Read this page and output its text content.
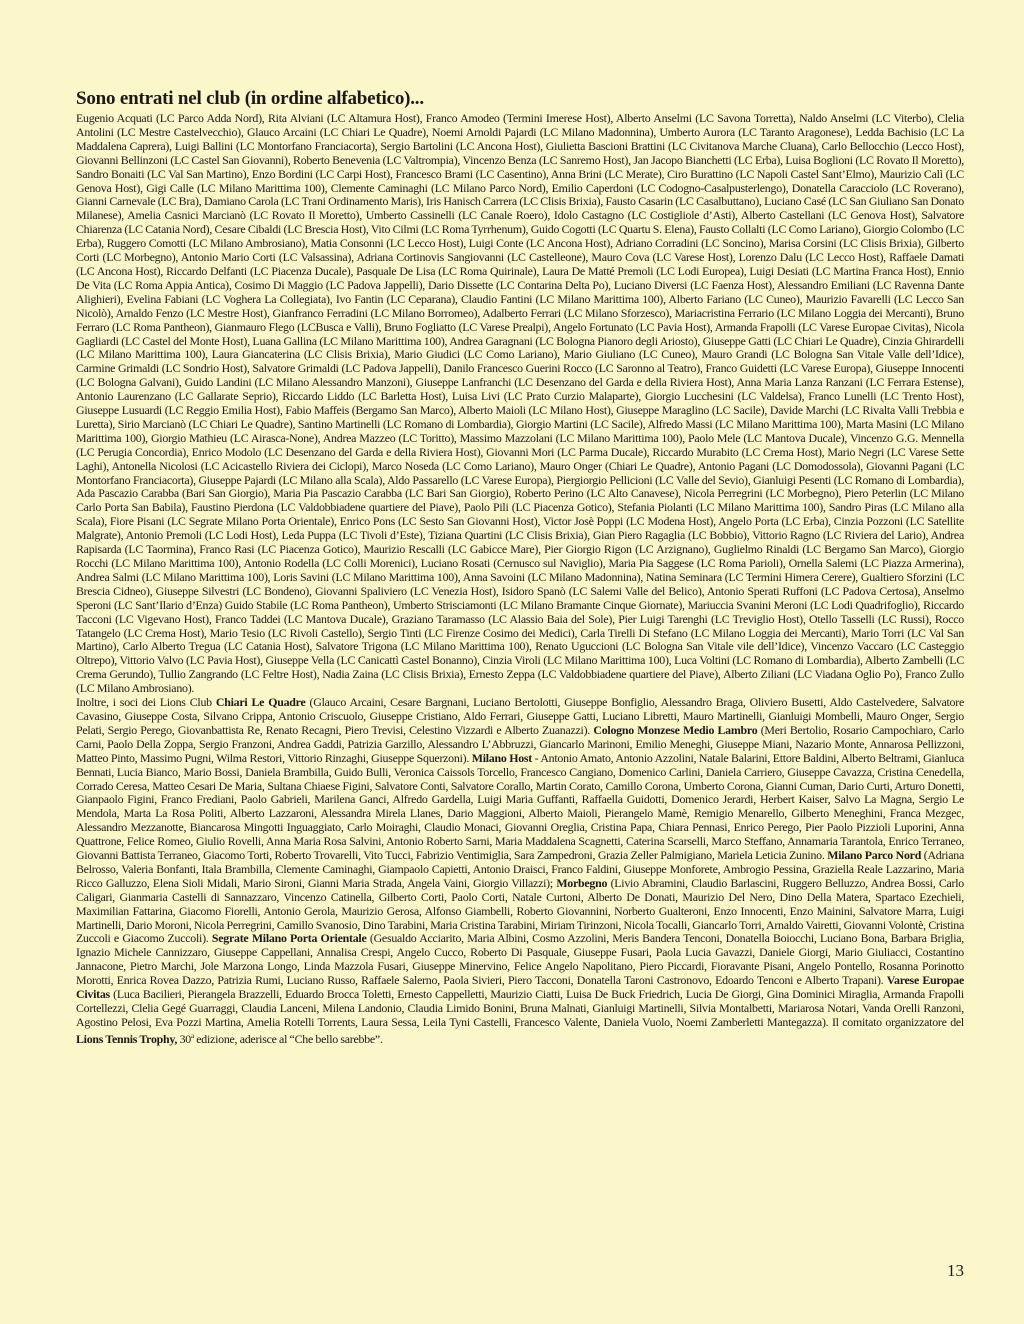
Sono entrati nel club (in ordine alfabetico)...

Eugenio Acquati (LC Parco Adda Nord), Rita Alviani (LC Altamura Host), Franco Amodeo (Termini Imerese Host), Alberto Anselmi (LC Savona Torretta), Naldo Anselmi (LC Viterbo), Clelia Antolini (LC Mestre Castelvecchio), Glauco Arcaini (LC Chiari Le Quadre), Noemi Arnoldi Pajardi (LC Milano Madonnina), Umberto Aurora (LC Taranto Aragonese), Ledda Bachisio (LC La Maddalena Caprera), Luigi Ballini (LC Montorfano Franciacorta), Sergio Bartolini (LC Ancona Host), Giulietta Bascioni Brattini (LC Civitanova Marche Cluana), Carlo Bellocchio (Lecco Host), Giovanni Bellinzoni (LC Castel San Giovanni), Roberto Benevenia (LC Valtrompia), Vincenzo Benza (LC Sanremo Host), Jan Jacopo Bianchetti (LC Erba), Luisa Boglioni (LC Rovato Il Moretto), Sandro Bonaiti (LC Val San Martino), Enzo Bordini (LC Carpi Host), Francesco Brami (LC Casentino), Anna Brini (LC Merate), Ciro Burattino (LC Napoli Castel Sant’Elmo), Maurizio Calì (LC Genova Host), Gigi Calle (LC Milano Marittima 100), Clemente Caminaghi (LC Milano Parco Nord), Emilio Caperdoni (LC Codogno-Casalpusterlengo), Donatella Caracciolo (LC Roverano), Gianni Carnevale (LC Bra), Damiano Carola (LC Trani Ordinamento Maris), Iris Hanisch Carrera (LC Clisis Brixia), Fausto Casarin (LC Casalbuttano), Luciano Casé (LC San Giuliano San Donato Milanese), Amelia Casnici Marcianò (LC Rovato Il Moretto), Umberto Cassinelli (LC Canale Roero), Idolo Castagno (LC Costigliole d’Asti), Alberto Castellani (LC Genova Host), Salvatore Chiarenza (LC Catania Nord), Cesare Cibaldi (LC Brescia Host), Vito Cilmi (LC Roma Tyrrhenum), Guido Cogotti (LC Quartu S. Elena), Fausto Collalti (LC Como Lariano), Giorgio Colombo (LC Erba), Ruggero Comotti (LC Milano Ambrosiano), Matia Consonni (LC Lecco Host), Luigi Conte (LC Ancona Host), Adriano Corradini (LC Soncino), Marisa Corsini (LC Clisis Brixia), Gilberto Corti (LC Morbegno), Antonio Mario Corti (LC Valsassina), Adriana Cortinovis Sangiovanni (LC Castelleone), Mauro Cova (LC Varese Host), Lorenzo Dalu (LC Lecco Host), Raffaele Damati (LC Ancona Host), Riccardo Delfanti (LC Piacenza Ducale), Pasquale De Lisa (LC Roma Quirinale), Laura De Matté Premoli (LC Lodi Europea), Luigi Desiati (LC Martina Franca Host), Ennio De Vita (LC Roma Appia Antica), Cosimo Di Maggio (LC Padova Jappelli), Dario Dissette (LC Contarina Delta Po), Luciano Diversi (LC Faenza Host), Alessandro Emiliani (LC Ravenna Dante Alighieri), Evelina Fabiani (LC Voghera La Collegiata), Ivo Fantin (LC Ceparana), Claudio Fantini (LC Milano Marittima 100), Alberto Fariano (LC Cuneo), Maurizio Favarelli (LC Lecco San Nicolò), Arnaldo Fenzo (LC Mestre Host), Gianfranco Ferradini (LC Milano Borromeo), Adalberto Ferrari (LC Milano Sforzesco), Mariacristina Ferrario (LC Milano Loggia dei Mercanti), Bruno Ferraro (LC Roma Pantheon), Gianmauro Flego (LCBusca e Valli), Bruno Fogliatto (LC Varese Prealpi), Angelo Fortunato (LC Pavia Host), Armanda Frapolli (LC Varese Europae Civitas), Nicola Gagliardi (LC Castel del Monte Host), Luana Gallina (LC Milano Marittima 100), Andrea Garagnani (LC Bologna Pianoro degli Ariosto), Giuseppe Gatti (LC Chiari Le Quadre), Cinzia Ghirardelli (LC Milano Marittima 100), Laura Giancaterina (LC Clisis Brixia), Mario Giudici (LC Como Lariano), Mario Giuliano (LC Cuneo), Mauro Grandi (LC Bologna San Vitale Valle dell’Idice), Carmine Grimaldi (LC Sondrio Host), Salvatore Grimaldi (LC Padova Jappelli), Danilo Francesco Guerini Rocco (LC Saronno al Teatro), Franco Guidetti (LC Varese Europa), Giuseppe Innocenti (LC Bologna Galvani), Guido Landini (LC Milano Alessandro Manzoni), Giuseppe Lanfranchi (LC Desenzano del Garda e della Riviera Host), Anna Maria Lanza Ranzani (LC Ferrara Estense), Antonio Laurenzano (LC Gallarate Seprio), Riccardo Liddo (LC Barletta Host), Luisa Livi (LC Prato Curzio Malaparte), Giorgio Lucchesini (LC Valdelsa), Franco Lunelli (LC Trento Host), Giuseppe Lusuardi (LC Reggio Emilia Host), Fabio Maffeis (Bergamo San Marco), Alberto Maioli (LC Milano Host), Giuseppe Maraglino (LC Sacile), Davide Marchi (LC Rivalta Valli Trebbia e Luretta), Sirio Marcianò (LC Chiari Le Quadre), Santino Martinelli (LC Romano di Lombardia), Giorgio Martini (LC Sacile), Alfredo Massi (LC Milano Marittima 100), Marta Masini (LC Milano Marittima 100), Giorgio Mathieu (LC Airasca-None), Andrea Mazzeo (LC Toritto), Massimo Mazzolani (LC Milano Marittima 100), Paolo Mele (LC Mantova Ducale), Vincenzo G.G. Mennella (LC Perugia Concordia), Enrico Modolo (LC Desenzano del Garda e della Riviera Host), Giovanni Mori (LC Parma Ducale), Riccardo Murabito (LC Crema Host), Mario Negri (LC Varese Sette Laghi), Antonella Nicolosi (LC Acicastello Riviera dei Ciclopi), Marco Noseda (LC Como Lariano), Mauro Onger (Chiari Le Quadre), Antonio Pagani (LC Domodossola), Giovanni Pagani (LC Montorfano Franciacorta), Giuseppe Pajardi (LC Milano alla Scala), Aldo Passarello (LC Varese Europa), Piergiorgio Pellicioni (LC Valle del Sevio), Gianluigi Pesenti (LC Romano di Lombardia), Ada Pascazio Carabba (Bari San Giorgio), Maria Pia Pascazio Carabba (LC Bari San Giorgio), Roberto Perino (LC Alto Canavese), Nicola Perregrini (LC Morbegno), Piero Peterlin (LC Milano Carlo Porta San Babila), Faustino Pierdona (LC Valdobbiadene quartiere del Piave), Paolo Pili (LC Piacenza Gotico), Stefania Piolanti (LC Milano Marittima 100), Sandro Piras (LC Milano alla Scala), Fiore Pisani (LC Segrate Milano Porta Orientale), Enrico Pons (LC Sesto San Giovanni Host), Victor Josè Poppi (LC Modena Host), Angelo Porta (LC Erba), Cinzia Pozzoni (LC Satellite Malgrate), Antonio Premoli (LC Lodi Host), Leda Puppa (LC Tivoli d’Este), Tiziana Quartini (LC Clisis Brixia), Gian Piero Ragaglia (LC Bobbio), Vittorio Ragno (LC Riviera del Lario), Andrea Rapisarda (LC Taormina), Franco Rasi (LC Piacenza Gotico), Maurizio Rescalli (LC Gabicce Mare), Pier Giorgio Rigon (LC Arzignano), Guglielmo Rinaldi (LC Bergamo San Marco), Giorgio Rocchi (LC Milano Marittima 100), Antonio Rodella (LC Colli Morenici), Luciano Rosati (Cernusco sul Naviglio), Maria Pia Saggese (LC Roma Parioli), Ornella Salemi (LC Piazza Armerina), Andrea Salmi (LC Milano Marittima 100), Loris Savini (LC Milano Marittima 100), Anna Savoini (LC Milano Madonnina), Natina Seminara (LC Termini Himera Cerere), Gualtiero Sforzini (LC Brescia Cidneo), Giuseppe Silvestri (LC Bondeno), Giovanni Spaliviero (LC Venezia Host), Isidoro Spanò (LC Salemi Valle del Belico), Antonio Sperati Ruffoni (LC Padova Certosa), Anselmo Speroni (LC Sant’Ilario d’Enza) Guido Stabile (LC Roma Pantheon), Umberto Strisciamonti (LC Milano Bramante Cinque Giornate), Mariuccia Svanini Meroni (LC Lodi Quadrifoglio), Riccardo Tacconi (LC Vigevano Host), Franco Taddei (LC Mantova Ducale), Graziano Taramasso (LC Alassio Baia del Sole), Pier Luigi Tarenghi (LC Treviglio Host), Otello Tasselli (LC Russi), Rocco Tatangelo (LC Crema Host), Mario Tesio (LC Rivoli Castello), Sergio Tinti (LC Firenze Cosimo dei Medici), Carla Tirelli Di Stefano (LC Milano Loggia dei Mercanti), Mario Torri (LC Val San Martino), Carlo Alberto Tregua (LC Catania Host), Salvatore Trigona (LC Milano Marittima 100), Renato Uguccioni (LC Bologna San Vitale vile dell’Idice), Vincenzo Vaccaro (LC Casteggio Oltrepo), Vittorio Valvo (LC Pavia Host), Giuseppe Vella (LC Canicattì Castel Bonanno), Cinzia Viroli (LC Milano Marittima 100), Luca Voltini (LC Romano di Lombardia), Alberto Zambelli (LC Crema Gerundo), Tullio Zangrando (LC Feltre Host), Nadia Zaina (LC Clisis Brixia), Ernesto Zeppa (LC Valdobbiadene quartiere del Piave), Alberto Ziliani (LC Viadana Oglio Po), Franco Zullo (LC Milano Ambrosiano).

Inoltre, i soci dei Lions Club Chiari Le Quadre (Glauco Arcaini, Cesare Bargnani, Luciano Bertolotti, Giuseppe Bonfiglio, Alessandro Braga, Oliviero Busetti, Aldo Castelvedere, Salvatore Cavasino, Giuseppe Costa, Silvano Crippa, Antonio Criscuolo, Giuseppe Cristiano, Aldo Ferrari, Giuseppe Gatti, Luciano Libretti, Mauro Martinelli, Gianluigi Mombelli, Mauro Onger, Sergio Pelati, Sergio Perego, Giovanbattista Re, Renato Recagni, Piero Trevisi, Celestino Vizzardi e Alberto Zuanazzi). Cologno Monzese Medio Lambro (Meri Bertolio, Rosario Campochiaro, Carlo Carni, Paolo Della Zoppa, Sergio Franzoni, Andrea Gaddi, Patrizia Garzillo, Alessandro L’Abbruzzi, Giancarlo Marinoni, Emilio Meneghi, Giuseppe Miani, Nazario Monte, Annarosa Pellizzoni, Matteo Pinto, Massimo Pugni, Wilma Restori, Vittorio Rinzaghi, Giuseppe Squerzoni). Milano Host - Antonio Amato, Antonio Azzolini, Natale Balarini, Ettore Baldini, Alberto Beltrami, Gianluca Bennati, Lucia Bianco, Mario Bossi, Daniela Brambilla, Guido Bulli, Veronica Caissols Torcello, Francesco Cangiano, Domenico Carlini, Daniela Carriero, Giuseppe Cavazza, Cristina Cenedella, Corrado Ceresa, Matteo Cesari De Maria, Sultana Chiaese Figini, Salvatore Conti, Salvatore Corallo, Martin Corato, Camillo Corona, Umberto Corona, Gianni Cuman, Dario Curti, Arturo Donetti, Gianpaolo Figini, Franco Frediani, Paolo Gabrieli, Marilena Ganci, Alfredo Gardella, Luigi Maria Guffanti, Raffaella Guidotti, Domenico Jerardi, Herbert Kaiser, Salvo La Magna, Sergio Le Mendola, Marta La Rosa Politi, Alberto Lazzaroni, Alessandra Mirela Llanes, Dario Maggioni, Alberto Maioli, Pierangelo Mamè, Remigio Menarello, Gilberto Meneghini, Franca Mezgec, Alessandro Mezzanotte, Biancarosa Mingotti Inguaggiato, Carlo Moiraghi, Claudio Monaci, Giovanni Oreglia, Cristina Papa, Chiara Pennasi, Enrico Perego, Pier Paolo Pizzioli Luporini, Anna Quattrone, Felice Romeo, Giulio Rovelli, Anna Maria Rosa Salvini, Antonio Roberto Sarni, Maria Maddalena Scagnetti, Caterina Scarselli, Marco Steffano, Annamaria Tarantola, Enrico Terraneo, Giovanni Battista Terraneo, Giacomo Torti, Roberto Trovarelli, Vito Tucci, Fabrizio Ventimiglia, Sara Zampedroni, Grazia Zeller Palmigiano, Mariela Leticia Zunino. Milano Parco Nord (Adriana Belrosso, Valeria Bonfanti, Itala Brambilla, Clemente Caminaghi, Giampaolo Capietti, Antonio Draisci, Franco Faldini, Giuseppe Monforete, Ambrogio Pessina, Graziella Reale Lazzarino, Maria Ricco Galluzzo, Elena Sioli Midali, Mario Sironi, Gianni Maria Strada, Angela Vaini, Giorgio Villazzi); Morbegno (Livio Abramini, Claudio Barlascini, Ruggero Belluzzo, Andrea Bossi, Carlo Caligari, Gianmaria Castelli di Sannazzaro, Vincenzo Catinella, Gilberto Corti, Paolo Corti, Natale Curtoni, Alberto De Donati, Maurizio Del Nero, Dino Della Matera, Spartaco Ezechieli, Maximilian Fattarina, Giacomo Fiorelli, Antonio Gerola, Maurizio Gerosa, Alfonso Giambelli, Roberto Giovannini, Norberto Gualteroni, Enzo Innocenti, Enzo Mainini, Salvatore Marra, Luigi Martinelli, Dario Moroni, Nicola Perregrini, Camillo Svanosio, Dino Tarabini, Maria Cristina Tarabini, Miriam Tirinzoni, Nicola Tocalli, Giancarlo Torri, Arnaldo Vairetti, Giovanni Volontè, Cristina Zuccoli e Giacomo Zuccoli). Segrate Milano Porta Orientale (Gesualdo Acciarito, Maria Albini, Cosmo Azzolini, Meris Bandera Tenconi, Donatella Boiocchi, Luciano Bona, Barbara Briglia, Ignazio Michele Cannizzaro, Giuseppe Cappellani, Annalisa Crespi, Angelo Cucco, Roberto Di Pasquale, Giuseppe Fusari, Paola Lucia Gavazzi, Daniele Giorgi, Mario Giuliacci, Costantino Jannacone, Pietro Marchi, Jole Marzona Longo, Linda Mazzola Fusari, Giuseppe Minervino, Felice Angelo Napolitano, Piero Piccardi, Fioravante Pisani, Angelo Pontello, Rosanna Porinotto Morotti, Enrica Rovea Dazzo, Patrizia Rumi, Luciano Russo, Raffaele Salerno, Paola Sivieri, Piero Tacconi, Donatella Taroni Castronovo, Edoardo Tenconi e Alberto Trapani). Varese Europae Civitas (Luca Bacilieri, Pierangela Brazzelli, Eduardo Brocca Toletti, Ernesto Cappelletti, Maurizio Ciatti, Luisa De Buck Friedrich, Lucia De Giorgi, Gina Dominici Miraglia, Armanda Frapolli Cortellezzi, Clelia Gegé Guarraggi, Claudia Lanceni, Milena Landonio, Claudia Limido Bonini, Bruna Malnati, Gianluigi Martinelli, Silvia Montalbetti, Mariarosa Notari, Vanda Orelli Ranzoni, Agostino Pelosi, Eva Pozzi Martina, Amelia Rotelli Torrents, Laura Sessa, Leila Tyni Castelli, Francesco Valente, Daniela Vuolo, Noemi Zamberletti Mantegazza). Il comitato organizzatore del Lions Tennis Trophy, 30$^a$ edizione, aderisce al “Che bello sarebbe”.

13
